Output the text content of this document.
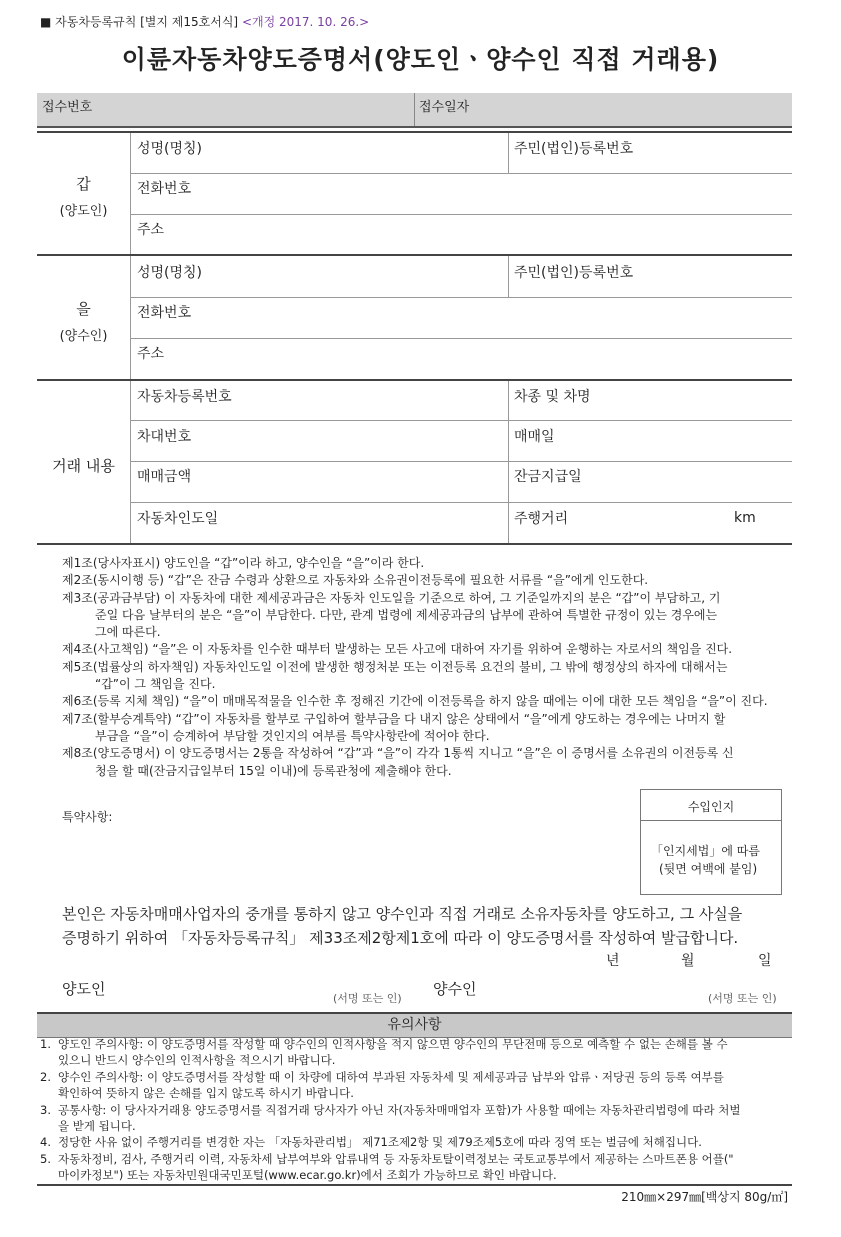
■ 자동차등록규칙 [별지 제15호서식] <개정 2017. 10. 26.>
이륜자동차양도증명서(양도인ㆍ양수인 직접 거래용)
접수번호	접수일자
갑
(양도인)
성명(명칭)	주민(법인)등록번호
전화번호
주소
을
(양수인)
성명(명칭)	주민(법인)등록번호
전화번호
주소
거래 내용
자동차등록번호	차종 및 차명
차대번호	매매일
매매금액	잔금지급일
자동차인도일	주행거리	km

제1조(당사자표시) 양도인을 “갑”이라 하고, 양수인을 “을”이라 한다.

제2조(동시이행 등) “갑”은 잔금 수령과 상환으로 자동차와 소유권이전등록에 필요한 서류를 “을”에게 인도한다.

제3조(공과금부담) 이 자동차에 대한 제세공과금은 자동차 인도일을 기준으로 하여, 그 기준일까지의 분은 “갑”이 부담하고, 기

준일 다음 날부터의 분은 “을”이 부담한다. 다만, 관계 법령에 제세공과금의 납부에 관하여 특별한 규정이 있는 경우에는

그에 따른다.

제4조(사고책임) “을”은 이 자동차를 인수한 때부터 발생하는 모든 사고에 대하여 자기를 위하여 운행하는 자로서의 책임을 진다.

제5조(법률상의 하자책임) 자동차인도일 이전에 발생한 행정처분 또는 이전등록 요건의 불비, 그 밖에 행정상의 하자에 대해서는

“갑”이 그 책임을 진다.

제6조(등록 지체 책임) “을”이 매매목적물을 인수한 후 정해진 기간에 이전등록을 하지 않을 때에는 이에 대한 모든 책임을 “을”이 진다.

제7조(할부승계특약) “갑”이 자동차를 할부로 구입하여 할부금을 다 내지 않은 상태에서 “을”에게 양도하는 경우에는 나머지 할

부금을 “을”이 승계하여 부담할 것인지의 여부를 특약사항란에 적어야 한다.

제8조(양도증명서) 이 양도증명서는 2통을 작성하여 “갑”과 “을”이 각각 1통씩 지니고 “을”은 이 증명서를 소유권의 이전등록 신

청을 할 때(잔금지급일부터 15일 이내)에 등록관청에 제출해야 한다.

특약사항:
수입인지
「인지세법」에 따름
(뒷면 여백에 붙임)
본인은 자동차매매사업자의 중개를 통하지 않고 양수인과 직접 거래로 소유자동차를 양도하고, 그 사실을
증명하기 위하여 「자동차등록규칙」 제33조제2항제1호에 따라 이 양도증명서를 작성하여 발급합니다.
년	월	일
양도인
(서명 또는 인)
양수인
(서명 또는 인)
유의사항
1. 양도인 주의사항: 이 양도증명서를 작성할 때 양수인의 인적사항을 적지 않으면 양수인의 무단전매 등으로 예측할 수 없는 손해를 볼 수
있으니 반드시 양수인의 인적사항을 적으시기 바랍니다.
2. 양수인 주의사항: 이 양도증명서를 작성할 때 이 차량에 대하여 부과된 자동차세 및 제세공과금 납부와 압류ㆍ저당권 등의 등록 여부를
확인하여 뜻하지 않은 손해를 입지 않도록 하시기 바랍니다.
3. 공통사항: 이 당사자거래용 양도증명서를 직접거래 당사자가 아닌 자(자동차매매업자 포함)가 사용할 때에는 자동차관리법령에 따라 처벌
을 받게 됩니다.
4. 정당한 사유 없이 주행거리를 변경한 자는 「자동차관리법」 제71조제2항 및 제79조제5호에 따라 징역 또는 벌금에 처해집니다.
5. 자동차정비, 검사, 주행거리 이력, 자동차세 납부여부와 압류내역 등 자동차토탈이력정보는 국토교통부에서 제공하는 스마트폰용 어플("
마이카정보") 또는 자동차민원대국민포털(www.ecar.go.kr)에서 조회가 가능하므로 확인 바랍니다.
210㎜×297㎜[백상지 80g/㎡]
